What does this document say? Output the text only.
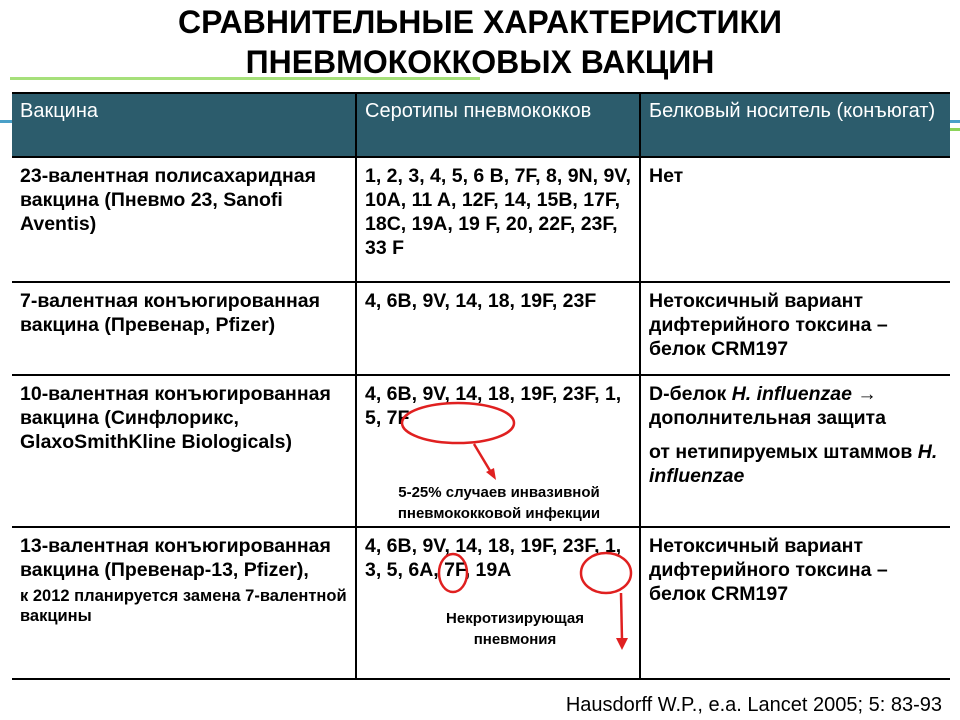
СРАВНИТЕЛЬНЫЕ ХАРАКТЕРИСТИКИ
ПНЕВМОКОККОВЫХ ВАКЦИН
Вакцина	Серотипы пневмококков	Белковый носитель (конъюгат)
23-валентная полисахаридная вакцина (Пневмо 23, Sanofi Aventis)	1, 2, 3, 4, 5, 6 B, 7F, 8, 9N, 9V, 10A, 11 A, 12F, 14, 15B, 17F, 18C, 19A, 19 F, 20, 22F, 23F, 33 F	Нет
7-валентная конъюгированная вакцина (Превенар, Pfizer)	4, 6B, 9V, 14, 18, 19F, 23F	Нетоксичный вариант дифтерийного токсина – белок CRM197
10-валентная конъюгированная вакцина (Синфлорикс, GlaxoSmithKline Biologicals)	4, 6B, 9V, 14, 18, 19F, 23F, 1, 5, 7F	D-белок H. influenzae →
дополнительная защита
от нетипируемых штаммов H. influenzae

13-валентная конъюгированная вакцина (Превенар-13, Pfizer),
к 2012 планируется замена 7-валентной вакцины	4, 6B, 9V, 14, 18, 19F, 23F, 1, 3, 5, 6A, 7F, 19A	Нетоксичный вариант дифтерийного токсина – белок CRM197
5-25% случаев инвазивной пневмококковой инфекции
Некротизирующая пневмония
Hausdorff W.P., e.a. Lancet 2005; 5: 83-93
